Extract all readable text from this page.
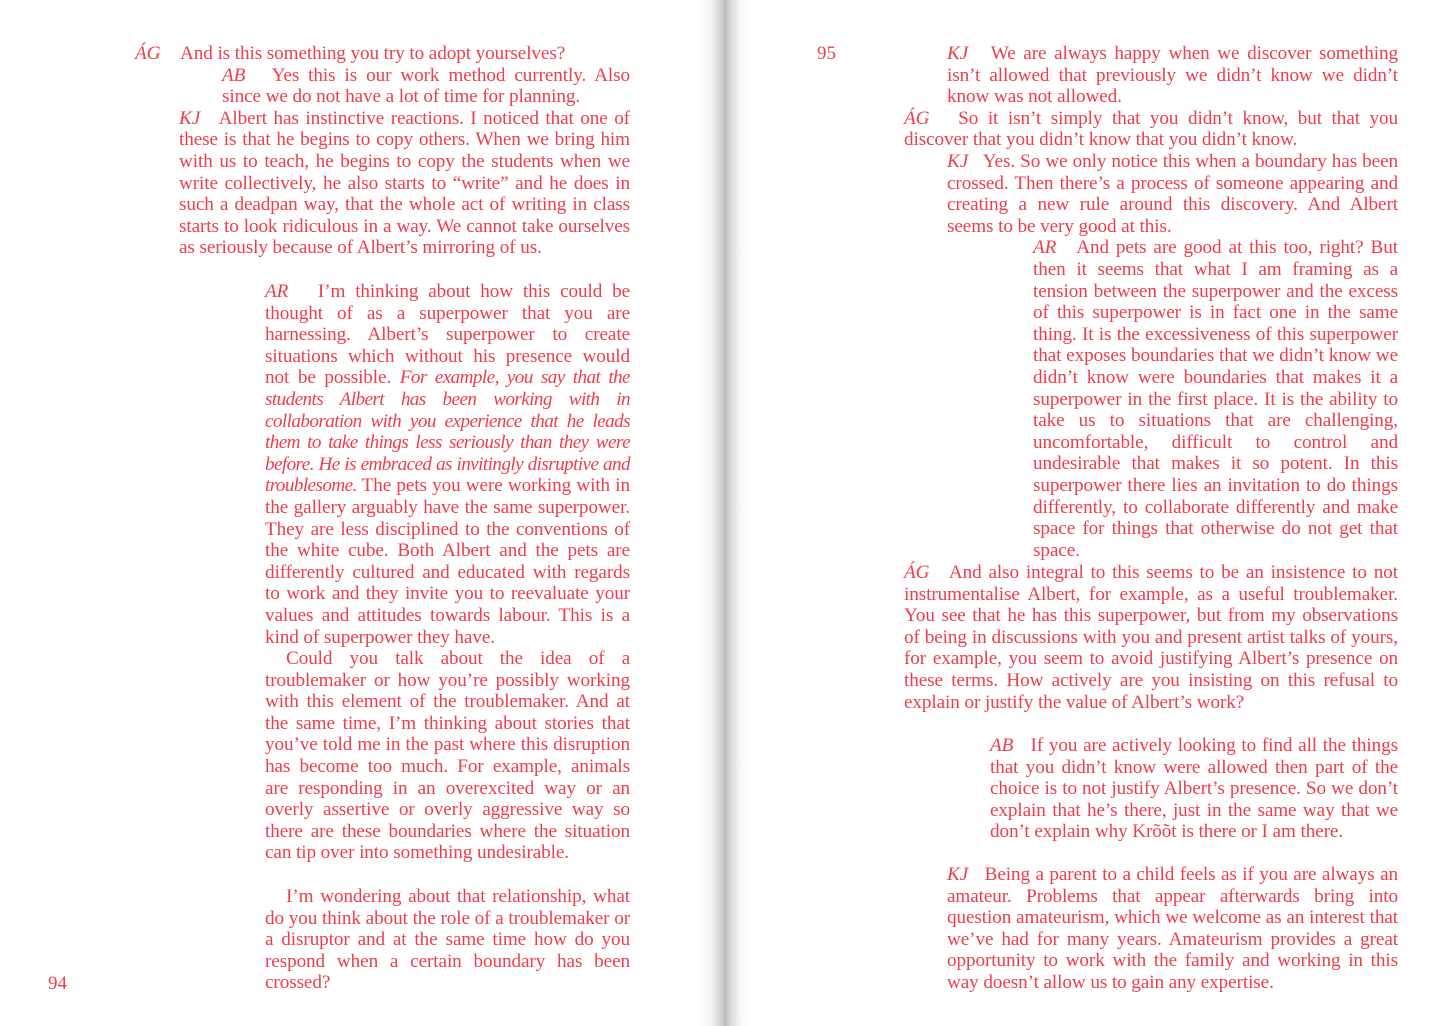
ÁG And is this something you try to adopt yourselves?
AB Yes this is our work method currently. Also since we do not have a lot of time for planning.
KJ Albert has instinctive reactions. I noticed that one of these is that he begins to copy others. When we bring him with us to teach, he begins to copy the students when we write collectively, he also starts to “write” and he does in such a deadpan way, that the whole act of writing in class starts to look ridiculous in a way. We cannot take ourselves as seriously because of Albert’s mirroring of us.
AR I’m thinking about how this could be thought of as a superpower that you are harnessing. Albert’s superpower to create situations which without his presence would not be possible. For example, you say that the students Albert has been working with in collaboration with you experience that he leads them to take things less seriously than they were before. He is embraced as invitingly disruptive and troublesome. The pets you were working with in the gallery arguably have the same superpower. They are less disciplined to the conventions of the white cube. Both Albert and the pets are differently cultured and educated with regards to work and they invite you to reevaluate your values and attitudes towards labour. This is a kind of superpower they have.
Could you talk about the idea of a troublemaker or how you’re possibly working with this element of the troublemaker. And at the same time, I’m thinking about stories that you’ve told me in the past where this disruption has become too much. For example, animals are responding in an overexcited way or an overly assertive or overly aggressive way so there are these boundaries where the situation can tip over into something undesirable.
I’m wondering about that relationship, what do you think about the role of a troublemaker or a disruptor and at the same time how do you respond when a certain boundary has been crossed?
94
95	KJ We are always happy when we discover something isn’t allowed that previously we didn’t know we didn’t know was not allowed.
ÁG So it isn’t simply that you didn’t know, but that you discover that you didn’t know that you didn’t know.
KJ Yes. So we only notice this when a boundary has been crossed. Then there’s a process of someone appearing and creating a new rule around this discovery. And Albert seems to be very good at this.
AR And pets are good at this too, right? But then it seems that what I am framing as a tension between the superpower and the excess of this superpower is in fact one in the same thing. It is the excessiveness of this superpower that exposes boundaries that we didn’t know we didn’t know were boundaries that makes it a superpower in the first place. It is the ability to take us to situations that are challenging, uncomfortable, difficult to control and undesirable that makes it so potent. In this superpower there lies an invitation to do things differently, to collaborate differently and make space for things that otherwise do not get that space.
ÁG And also integral to this seems to be an insistence to not instrumentalise Albert, for example, as a useful troublemaker. You see that he has this superpower, but from my observations of being in discussions with you and present artist talks of yours, for example, you seem to avoid justifying Albert’s presence on these terms. How actively are you insisting on this refusal to explain or justify the value of Albert’s work?
AB If you are actively looking to find all the things that you didn’t know were allowed then part of the choice is to not justify Albert’s presence. So we don’t explain that he’s there, just in the same way that we don’t explain why Krõõt is there or I am there.
KJ Being a parent to a child feels as if you are always an amateur. Problems that appear afterwards bring into question amateurism, which we welcome as an interest that we’ve had for many years. Amateurism provides a great opportunity to work with the family and working in this way doesn’t allow us to gain any expertise.
